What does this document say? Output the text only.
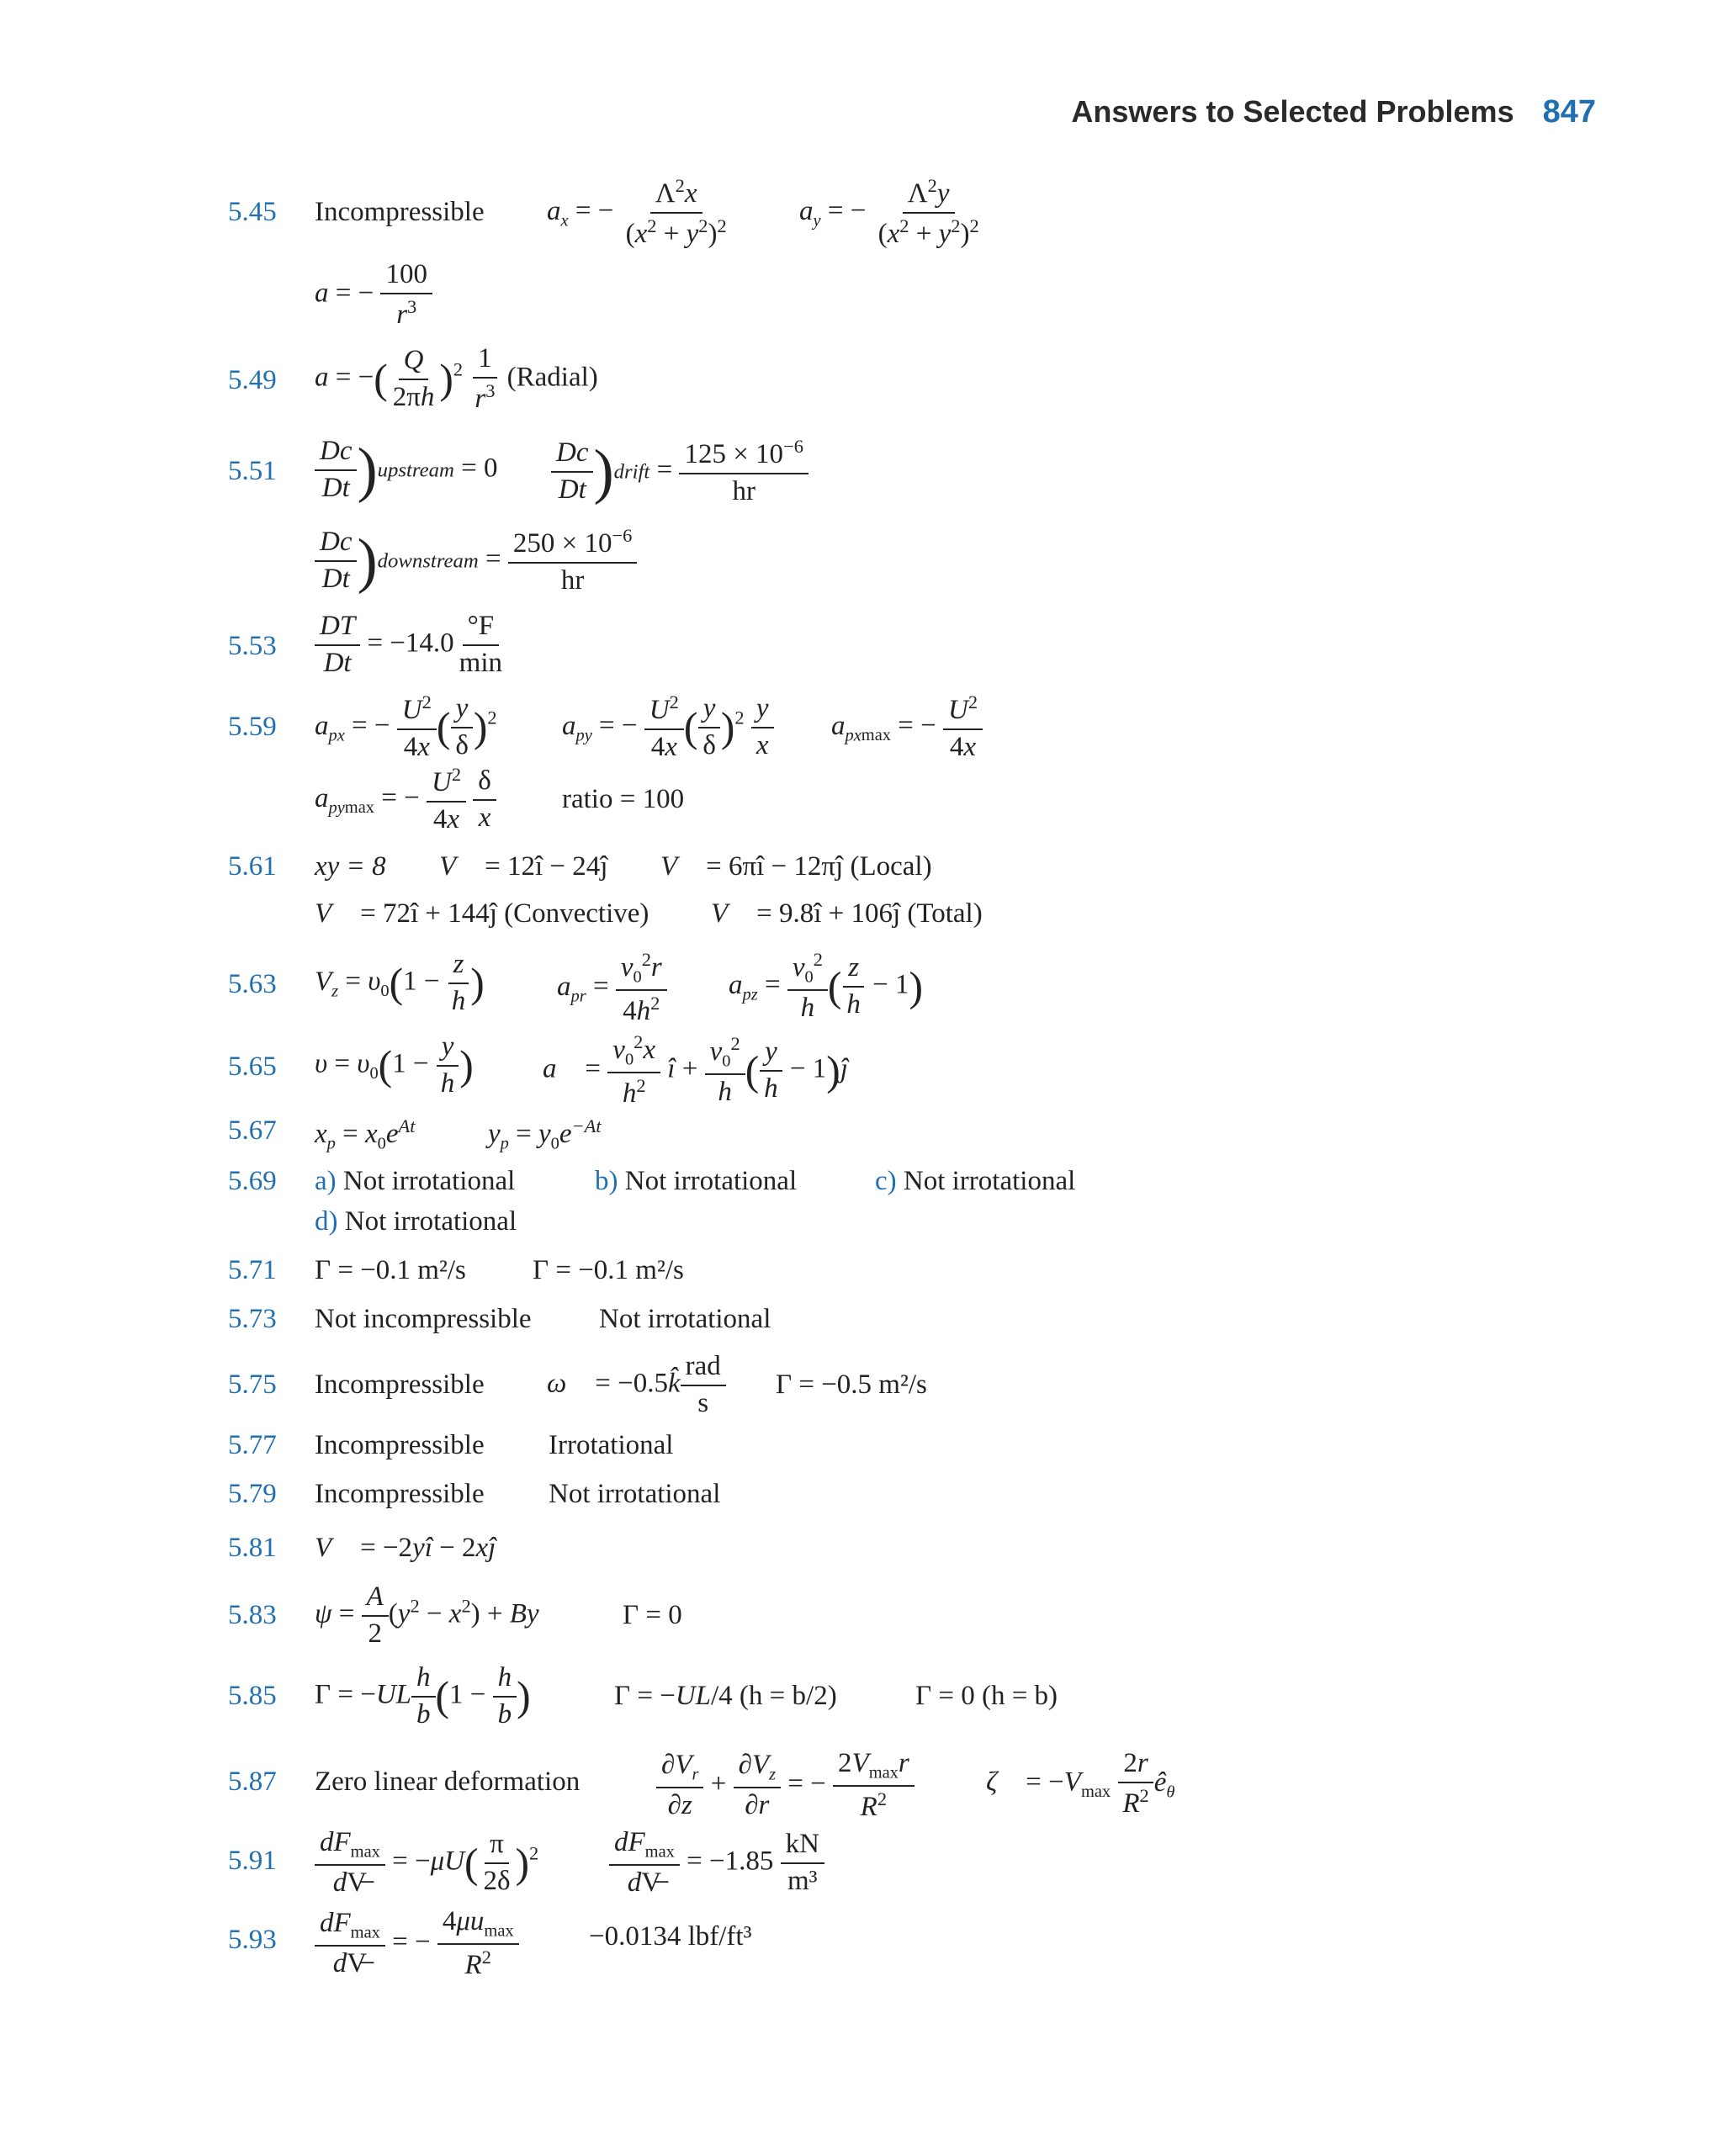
Answers to Selected Problems 847
5.45 Incompressible $a_x$ = − $\frac{\Lambda^2x}{(x^2 + y^2)^2} a_y$ = − $\frac{\Lambda^2y}{(x^2 + y^2)^2}$
a = − $\frac{100}{r^3}$
5.49 a = −( $\frac{Q}{2\pi h} )^2 \frac{1}{r^3}$ (Radial)
$5.51 \frac{Dc}{Dt}$ )upstream = $0 \frac{Dc}{Dt}$ )drift = $\frac{125 \times 10^{-6}}{hr}$
$\frac{Dc}{Dt}$ )downstream = $\frac{250 \times 10^{-6}}{hr}$
$5.53 \frac{DT}{Dt} = -14.0 \frac{^\circ F}{\min}$
5.59 $a_{px}$ = − $\frac{U^2}{4x}$ ( $\frac{y}{\delta} )^2$ $a_{py}$ = − $\frac{U^2}{4x}$ ( $\frac{y}{\delta} )^2 \frac{y}{x} a_{pxmax}$ = − $\frac{U^2}{4x}$
$a_{pymax}$ = − $\frac{U^2}{4x}$
$\frac{\delta}{x}$ ratio = 100
5.61 xy = 8 V⃗ = 12î − 24ĵ V⃗ = 6πî − 12πĵ (Local)
V⃗ = 72î + 144ĵ (Convective) V⃗ = 9.8î + 106ĵ (Total)
5.63 $V_z = \upsilon_0(1 - \frac{z}{h}$ )	$a_{pr} = \frac{v_0^2r}{4h^2} a_{pz} = \frac{v_0^2}{h}$ ( $\frac{z}{h} - 1$)
5.65 $\upsilon = \upsilon_0(1 - \frac{y}{h}$ ) a⃗ = $\frac{v_0^2x}{h^2}$ î + $\frac{v_0^2}{h}$ ( $\frac{y}{h}$ − 1)ĵ
5.67 $x_p = x_0e^{At}$	$y_p = y_0e^{-At}$
5.69 a) Not irrotational	b) Not irrotational	c) Not irrotational
d) Not irrotational
5.71 Γ = −0.1 m²/s Γ = −0.1 m²/s
5.73 Not incompressible Not irrotational
5.75 Incompressible ω⃗ = −0.5k̂ $\frac{\text{rad}}{s}$ Γ = −0.5 m²/s
5.77 Incompressible Irrotational
5.79 Incompressible Not irrotational
5.81 V⃗ = −2yî − 2xĵ
5.83 $\psi = \frac{A}{2} (y^2 - x^2) + By$	Γ = 0
5.85 $\Gamma = -UL \frac{h}{b} (1 - \frac{h}{b}$ )	Γ = −UL/4 (h = b/2)	Γ = 0 (h = b)
5.87 Zero linear deformation	$\frac{\partial V_r}{\partial z} + \frac{\partial V_z}{\partial r}$ = − $\frac{2V_{max}r}{R^2}$	ζ⃗ = $-V_{max} \frac{2r}{R^2}$ $ê_\theta$
$5.91 \frac{dF_{max}}{dV̶} = -\mu U( \frac{\pi}{2\delta} )^2$	$\frac{dF_{max}}{dV̶} = -1.85 \frac{kN}{\text{m³}}$
$5.93 \frac{dF_{max}}{dV̶}$ = − $\frac{4\mu u_{max}}{R^2}$	−0.0134 lbf/ft³
